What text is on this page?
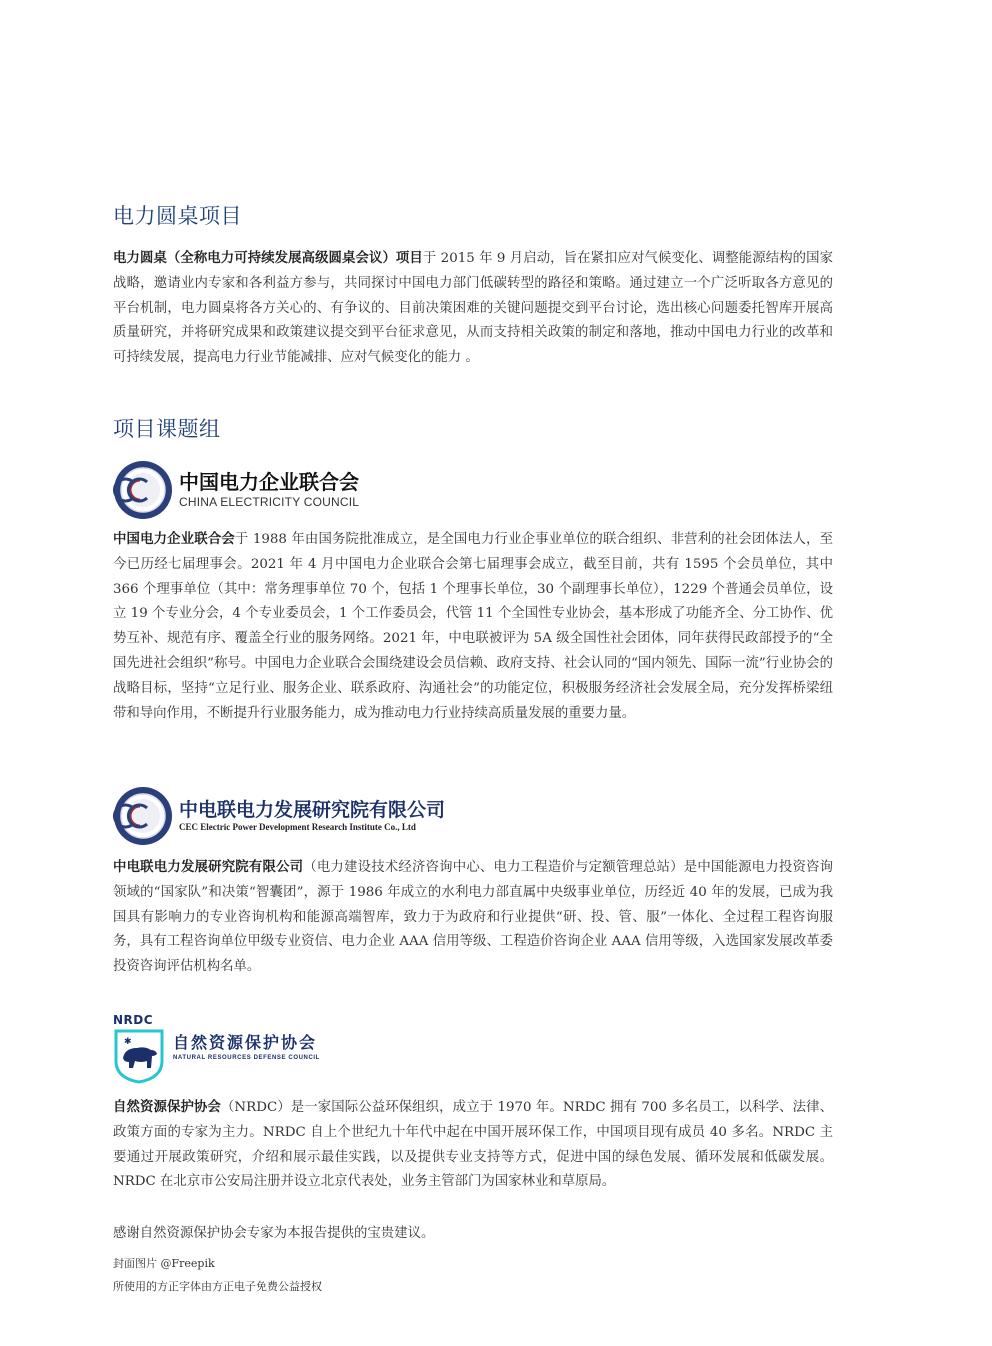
电力圆桌项目

电力圆桌（全称电力可持续发展高级圆桌会议）项目于 2015 年 9 月启动，旨在紧扣应对气候变化、调整能源结构的国家战略，邀请业内专家和各利益方参与，共同探讨中国电力部门低碳转型的路径和策略。通过建立一个广泛听取各方意见的平台机制，电力圆桌将各方关心的、有争议的、目前决策困难的关键问题提交到平台讨论，选出核心问题委托智库开展高质量研究，并将研究成果和政策建议提交到平台征求意见，从而支持相关政策的制定和落地，推动中国电力行业的改革和可持续发展，提高电力行业节能减排、应对气候变化的能力 。

项目课题组
中国电力企业联合会
CHINA ELECTRICITY COUNCIL

中国电力企业联合会于 1988 年由国务院批准成立，是全国电力行业企事业单位的联合组织、非营利的社会团体法人，至今已历经七届理事会。2021 年 4 月中国电力企业联合会第七届理事会成立，截至目前，共有 1595 个会员单位，其中 366 个理事单位（其中：常务理事单位 70 个，包括 1 个理事长单位，30 个副理事长单位），1229 个普通会员单位，设立 19 个专业分会，4 个专业委员会，1 个工作委员会，代管 11 个全国性专业协会，基本形成了功能齐全、分工协作、优势互补、规范有序、覆盖全行业的服务网络。2021 年，中电联被评为 5A 级全国性社会团体，同年获得民政部授予的“全国先进社会组织”称号。中国电力企业联合会围绕建设会员信赖、政府支持、社会认同的“国内领先、国际一流”行业协会的战略目标，坚持“立足行业、服务企业、联系政府、沟通社会”的功能定位，积极服务经济社会发展全局，充分发挥桥梁纽带和导向作用，不断提升行业服务能力，成为推动电力行业持续高质量发展的重要力量。

中电联电力发展研究院有限公司
CEC Electric Power Development Research Institute Co., Ltd

中电联电力发展研究院有限公司（电力建设技术经济咨询中心、电力工程造价与定额管理总站）是中国能源电力投资咨询领域的“国家队”和决策“智囊团”，源于 1986 年成立的水利电力部直属中央级事业单位，历经近 40 年的发展，已成为我国具有影响力的专业咨询机构和能源高端智库，致力于为政府和行业提供“研、投、管、服”一体化、全过程工程咨询服务，具有工程咨询单位甲级专业资信、电力企业 AAA 信用等级、工程造价咨询企业 AAA 信用等级，入选国家发展改革委投资咨询评估机构名单。

NRDC
✱	自然资源保护协会
NATURAL RESOURCES DEFENSE COUNCIL

自然资源保护协会（NRDC）是一家国际公益环保组织，成立于 1970 年。NRDC 拥有 700 多名员工，以科学、法律、政策方面的专家为主力。NRDC 自上个世纪九十年代中起在中国开展环保工作，中国项目现有成员 40 多名。NRDC 主要通过开展政策研究，介绍和展示最佳实践，以及提供专业支持等方式，促进中国的绿色发展、循环发展和低碳发展。NRDC 在北京市公安局注册并设立北京代表处，业务主管部门为国家林业和草原局。

感谢自然资源保护协会专家为本报告提供的宝贵建议。

封面图片 @Freepik

所使用的方正字体由方正电子免费公益授权
